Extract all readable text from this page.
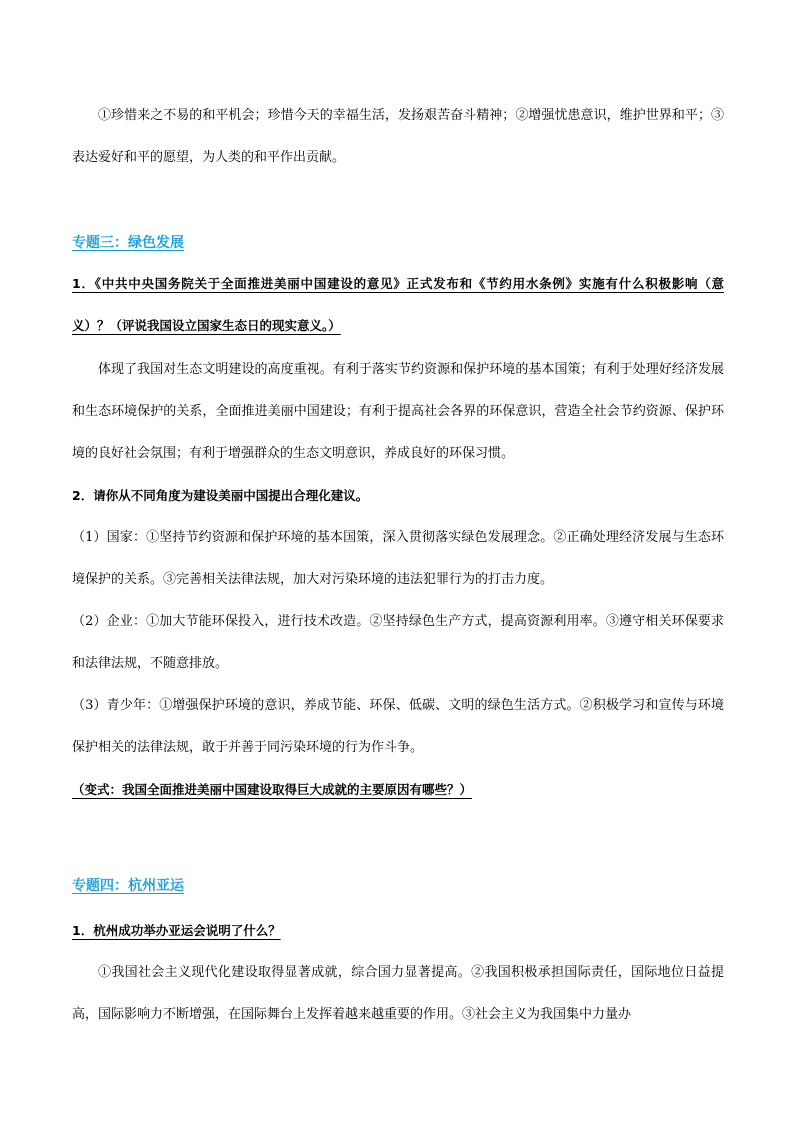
①珍惜来之不易的和平机会；珍惜今天的幸福生活，发扬艰苦奋斗精神；②增强忧患意识，维护世界和平；③表达爱好和平的愿望，为人类的和平作出贡献。

专题三：绿色发展

1．《中共中央国务院关于全面推进美丽中国建设的意见》正式发布和《节约用水条例》实施有什么积极影响（意义）？（评说我国设立国家生态日的现实意义。）

体现了我国对生态文明建设的高度重视。有利于落实节约资源和保护环境的基本国策；有利于处理好经济发展和生态环境保护的关系，全面推进美丽中国建设；有利于提高社会各界的环保意识，营造全社会节约资源、保护环境的良好社会氛围；有利于增强群众的生态文明意识，养成良好的环保习惯。

2．请你从不同角度为建设美丽中国提出合理化建议。

（1）国家：①坚持节约资源和保护环境的基本国策，深入贯彻落实绿色发展理念。②正确处理经济发展与生态环境保护的关系。③完善相关法律法规，加大对污染环境的违法犯罪行为的打击力度。

（2）企业：①加大节能环保投入，进行技术改造。②坚持绿色生产方式，提高资源利用率。③遵守相关环保要求和法律法规，不随意排放。

（3）青少年：①增强保护环境的意识，养成节能、环保、低碳、文明的绿色生活方式。②积极学习和宣传与环境保护相关的法律法规，敢于并善于同污染环境的行为作斗争。

（变式：我国全面推进美丽中国建设取得巨大成就的主要原因有哪些？）

专题四：杭州亚运

1．杭州成功举办亚运会说明了什么？

①我国社会主义现代化建设取得显著成就，综合国力显著提高。②我国积极承担国际责任，国际地位日益提高，国际影响力不断增强，在国际舞台上发挥着越来越重要的作用。③社会主义为我国集中力量办
